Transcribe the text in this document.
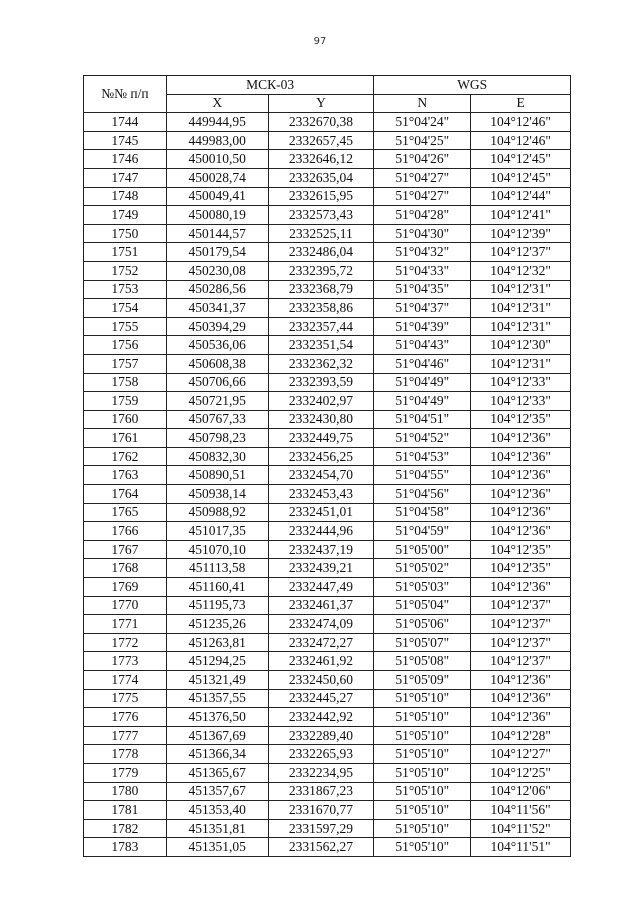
97
№№ п/п	МСК-03		WGS	
	X	Y	N	E
1744	449944,95	2332670,38	51°04'24"	104°12'46"
1745	449983,00	2332657,45	51°04'25"	104°12'46"
1746	450010,50	2332646,12	51°04'26"	104°12'45"
1747	450028,74	2332635,04	51°04'27"	104°12'45"
1748	450049,41	2332615,95	51°04'27"	104°12'44"
1749	450080,19	2332573,43	51°04'28"	104°12'41"
1750	450144,57	2332525,11	51°04'30"	104°12'39"
1751	450179,54	2332486,04	51°04'32"	104°12'37"
1752	450230,08	2332395,72	51°04'33"	104°12'32"
1753	450286,56	2332368,79	51°04'35"	104°12'31"
1754	450341,37	2332358,86	51°04'37"	104°12'31"
1755	450394,29	2332357,44	51°04'39"	104°12'31"
1756	450536,06	2332351,54	51°04'43"	104°12'30"
1757	450608,38	2332362,32	51°04'46"	104°12'31"
1758	450706,66	2332393,59	51°04'49"	104°12'33"
1759	450721,95	2332402,97	51°04'49"	104°12'33"
1760	450767,33	2332430,80	51°04'51"	104°12'35"
1761	450798,23	2332449,75	51°04'52"	104°12'36"
1762	450832,30	2332456,25	51°04'53"	104°12'36"
1763	450890,51	2332454,70	51°04'55"	104°12'36"
1764	450938,14	2332453,43	51°04'56"	104°12'36"
1765	450988,92	2332451,01	51°04'58"	104°12'36"
1766	451017,35	2332444,96	51°04'59"	104°12'36"
1767	451070,10	2332437,19	51°05'00"	104°12'35"
1768	451113,58	2332439,21	51°05'02"	104°12'35"
1769	451160,41	2332447,49	51°05'03"	104°12'36"
1770	451195,73	2332461,37	51°05'04"	104°12'37"
1771	451235,26	2332474,09	51°05'06"	104°12'37"
1772	451263,81	2332472,27	51°05'07"	104°12'37"
1773	451294,25	2332461,92	51°05'08"	104°12'37"
1774	451321,49	2332450,60	51°05'09"	104°12'36"
1775	451357,55	2332445,27	51°05'10"	104°12'36"
1776	451376,50	2332442,92	51°05'10"	104°12'36"
1777	451367,69	2332289,40	51°05'10"	104°12'28"
1778	451366,34	2332265,93	51°05'10"	104°12'27"
1779	451365,67	2332234,95	51°05'10"	104°12'25"
1780	451357,67	2331867,23	51°05'10"	104°12'06"
1781	451353,40	2331670,77	51°05'10"	104°11'56"
1782	451351,81	2331597,29	51°05'10"	104°11'52"
1783	451351,05	2331562,27	51°05'10"	104°11'51"
